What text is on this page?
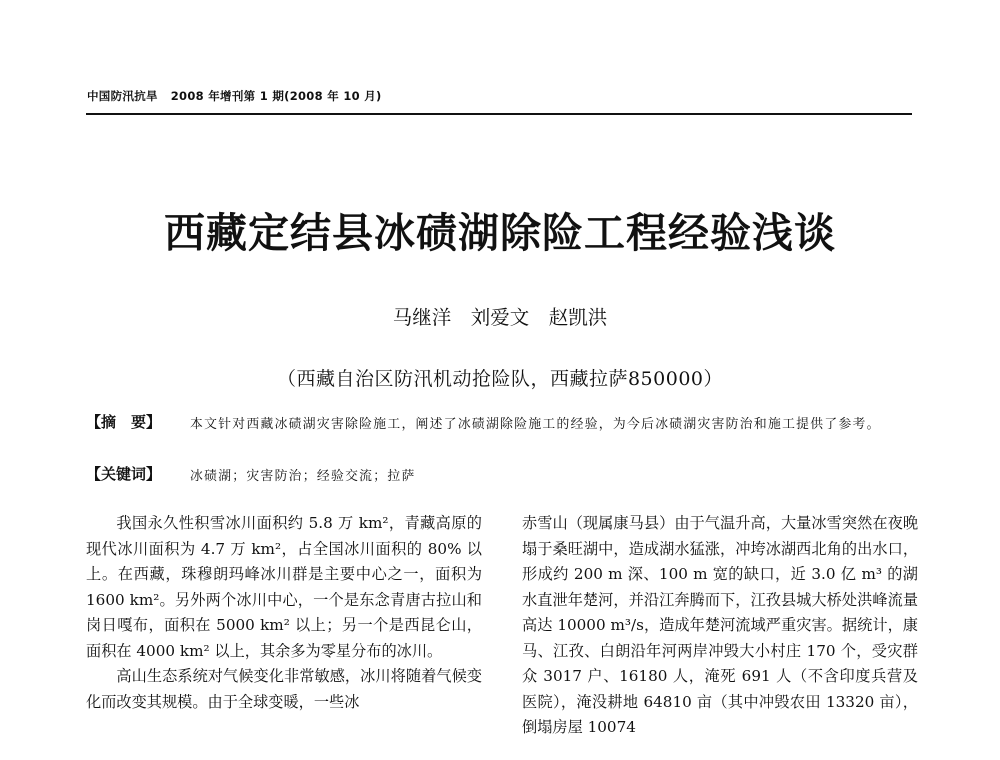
中国防汛抗旱 2008 年增刊第 1 期(2008 年 10 月)
西藏定结县冰碛湖除险工程经验浅谈
马继洋　刘爱文　赵凯洪
（西藏自治区防汛机动抢险队，西藏拉萨850000）
【摘　要】 本文针对西藏冰碛湖灾害除险施工，阐述了冰碛湖除险施工的经验，为今后冰碛湖灾害防治和施工提供了参考。
【关键词】 冰碛湖；灾害防治；经验交流；拉萨

我国永久性积雪冰川面积约 5.8 万 km²，青藏高原的现代冰川面积为 4.7 万 km²，占全国冰川面积的 80% 以上。在西藏，珠穆朗玛峰冰川群是主要中心之一，面积为 1600 km²。另外两个冰川中心，一个是东念青唐古拉山和岗日嘎布，面积在 5000 km² 以上；另一个是西昆仑山，面积在 4000 km² 以上，其余多为零星分布的冰川。

高山生态系统对气候变化非常敏感，冰川将随着气候变化而改变其规模。由于全球变暖，一些冰

赤雪山（现属康马县）由于气温升高，大量冰雪突然在夜晚塌于桑旺湖中，造成湖水猛涨，冲垮冰湖西北角的出水口，形成约 200 m 深、100 m 宽的缺口，近 3.0 亿 m³ 的湖水直泄年楚河，并沿江奔腾而下，江孜县城大桥处洪峰流量高达 10000 m³/s，造成年楚河流域严重灾害。据统计，康马、江孜、白朗沿年河两岸冲毁大小村庄 170 个，受灾群众 3017 户、16180 人，淹死 691 人（不含印度兵营及医院），淹没耕地 64810 亩（其中冲毁农田 13320 亩），倒塌房屋 10074
